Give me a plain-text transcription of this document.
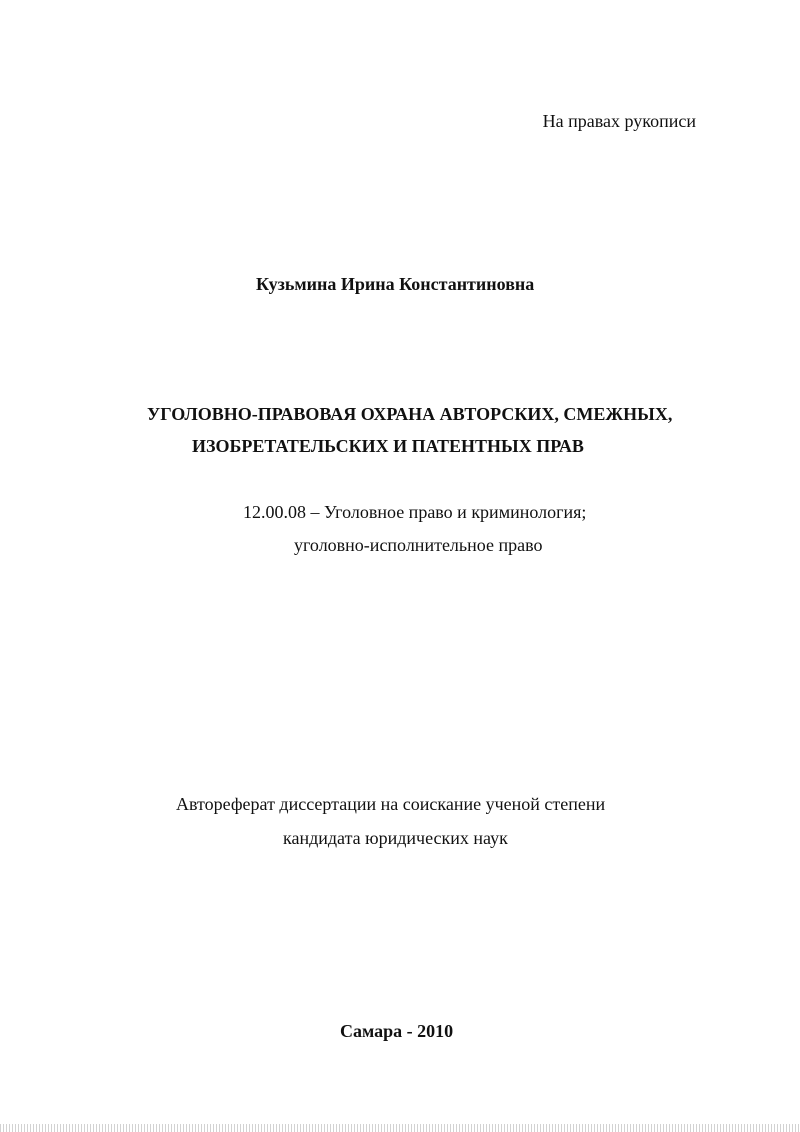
На правах рукописи
Кузьмина Ирина Константиновна
УГОЛОВНО-ПРАВОВАЯ ОХРАНА АВТОРСКИХ, СМЕЖНЫХ,
ИЗОБРЕТАТЕЛЬСКИХ И ПАТЕНТНЫХ ПРАВ
12.00.08 – Уголовное право и криминология;
уголовно-исполнительное право
Автореферат диссертации на соискание ученой степени
кандидата юридических наук
Самара - 2010
